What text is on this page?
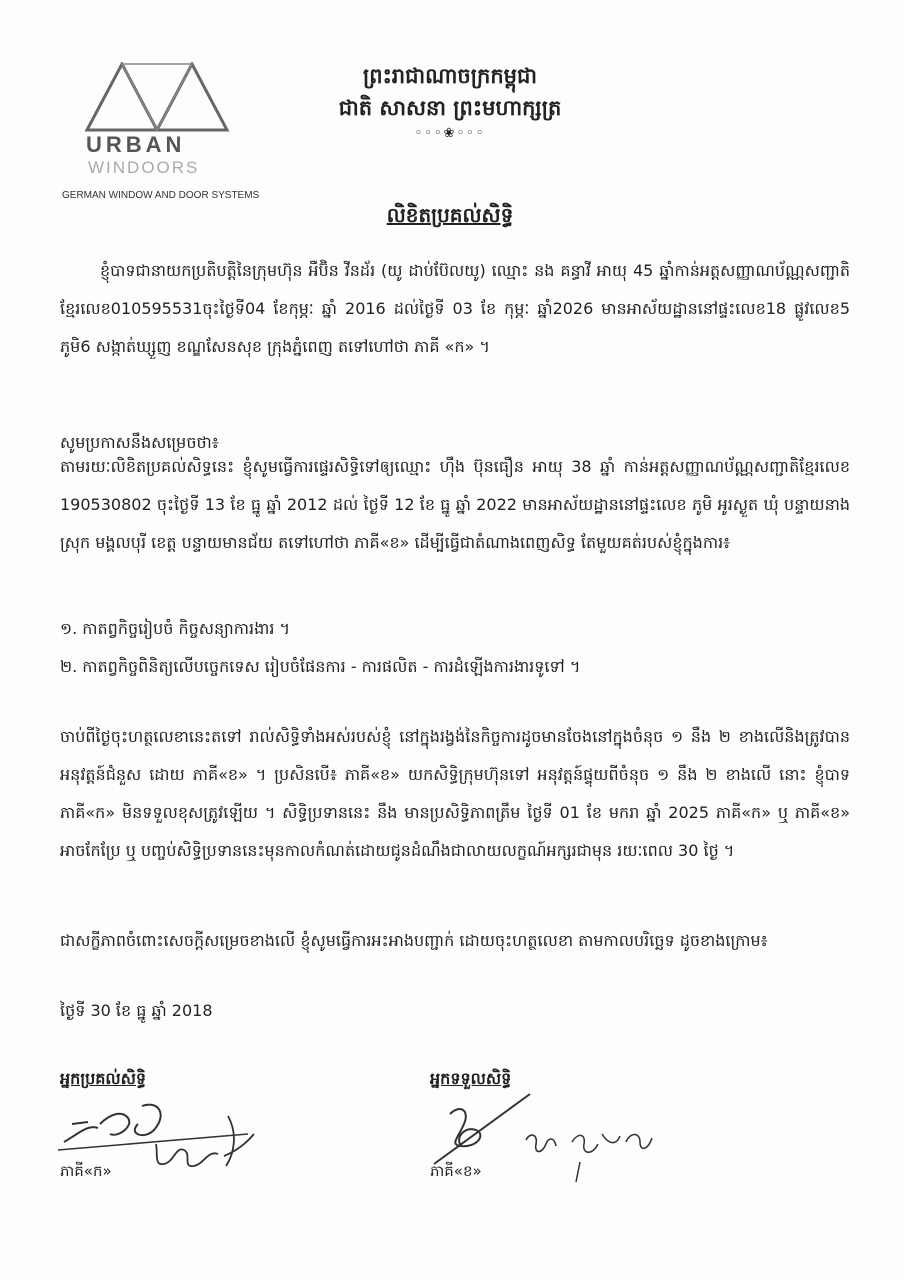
URBAN
WINDOORS
GERMAN WINDOW AND DOOR SYSTEMS
ព្រះរាជាណាចក្រកម្ពុជា
ជាតិ សាសនា ព្រះមហាក្សត្រ
◦◦◦❀◦◦◦
លិខិតប្រគល់សិទ្ធិ
ខ្ញុំបាទជានាយកប្រតិបត្តិនៃក្រុមហ៊ុន អឺប៊ិន វីនដ័រ (យូ ដាប់ប៊ែលយូ) ឈ្មោះ នង គន្ធាវី អាយុ 45 ឆ្នាំកាន់អត្តសញ្ញាណប័ណ្ណសញ្ជាតិខ្មែរលេខ010595531ចុះថ្ងៃទី04 ខែកុម្ភៈ ឆ្នាំ 2016 ដល់ថ្ងៃទី 03 ខែ កុម្ភៈ ឆ្នាំ2026 មានអាស័យដ្ឋាននៅផ្ទះលេខ18 ផ្លូវលេខ5 ភូមិ6 សង្កាត់ឃ្សួញ ខណ្ឌសែនសុខ ក្រុងភ្នំពេញ តទៅហៅថា ភាគី «ក» ។
សូមប្រកាសនឹងសម្រេចថា៖
តាមរយៈលិខិតប្រគល់សិទ្ធនេះ ខ្ញុំសូមធ្វើការផ្ទេរសិទ្ធិទៅឲ្យឈ្មោះ ហ៊ឹង ប៊ុនធឿន អាយុ 38 ឆ្នាំ កាន់អត្តសញ្ញាណប័ណ្ណសញ្ជាតិខ្មែរលេខ 190530802 ចុះថ្ងៃទី 13 ខែ ធ្នូ ឆ្នាំ 2012 ដល់ ថ្ងៃទី 12 ខែ ធ្នូ ឆ្នាំ 2022 មានអាស័យដ្ឋាននៅផ្ទះលេខ ភូមិ អូរស្ងួត ឃុំ បន្ទាយនាង ស្រុក មង្គលបុរី ខេត្ត បន្ទាយមានជ័យ តទៅហៅថា ភាគី«ខ» ដើម្បីធ្វើជាតំណាងពេញសិទ្ធ តែមួយគត់របស់ខ្ញុំក្នុងការ៖
១. កាតព្វកិច្ចរៀបចំ កិច្ចសន្យាការងារ ។
២. កាតព្វកិច្ចពិនិត្យលើបច្ចេកទេស រៀបចំផែនការ - ការផលិត - ការដំឡើងការងារទូទៅ ។
ចាប់ពីថ្ងៃចុះហត្ថលេខានេះតទៅ រាល់សិទ្ធិទាំងអស់របស់ខ្ញុំ នៅក្នុងរង្វង់នៃកិច្ចការដូចមានចែងនៅក្នុងចំនុច ១ នឹង ២ ខាងលើនិងត្រូវបានអនុវត្តន៍ជំនួស ដោយ ភាគី«ខ» ។ ប្រសិនបើ៖ ភាគី«ខ» យកសិទ្ធិក្រុមហ៊ុនទៅ អនុវត្តន៍ផ្ទុយពីចំនុច ១ នឹង ២ ខាងលើ នោះ ខ្ញុំបាទ ភាគី«ក» មិនទទួលខុសត្រូវឡើយ ។ សិទ្ធិប្រទាននេះ នឹង មានប្រសិទ្ធិភាពត្រឹម ថ្ងៃទី 01 ខែ មករា ឆ្នាំ 2025 ភាគី«ក» ឬ ភាគី«ខ» អាចកែប្រែ ឬ បញ្ចប់សិទ្ធិប្រទាននេះមុនកាលកំណត់ដោយជូនដំណឹងជាលាយលក្ខណ៍អក្សរជាមុន រយៈពេល 30 ថ្ងៃ ។
ជាសក្ខីភាពចំពោះសេចក្តីសម្រេចខាងលើ ខ្ញុំសូមធ្វើការអះអាងបញ្ជាក់ ដោយចុះហត្ថលេខា តាមកាលបរិច្ឆេទ ដូចខាងក្រោម៖
ថ្ងៃទី 30 ខែ ធ្នូ ឆ្នាំ 2018
អ្នកប្រគល់សិទ្ធិ	អ្នកទទួលសិទ្ធិ
ភាគី«ក»	ភាគី«ខ»
